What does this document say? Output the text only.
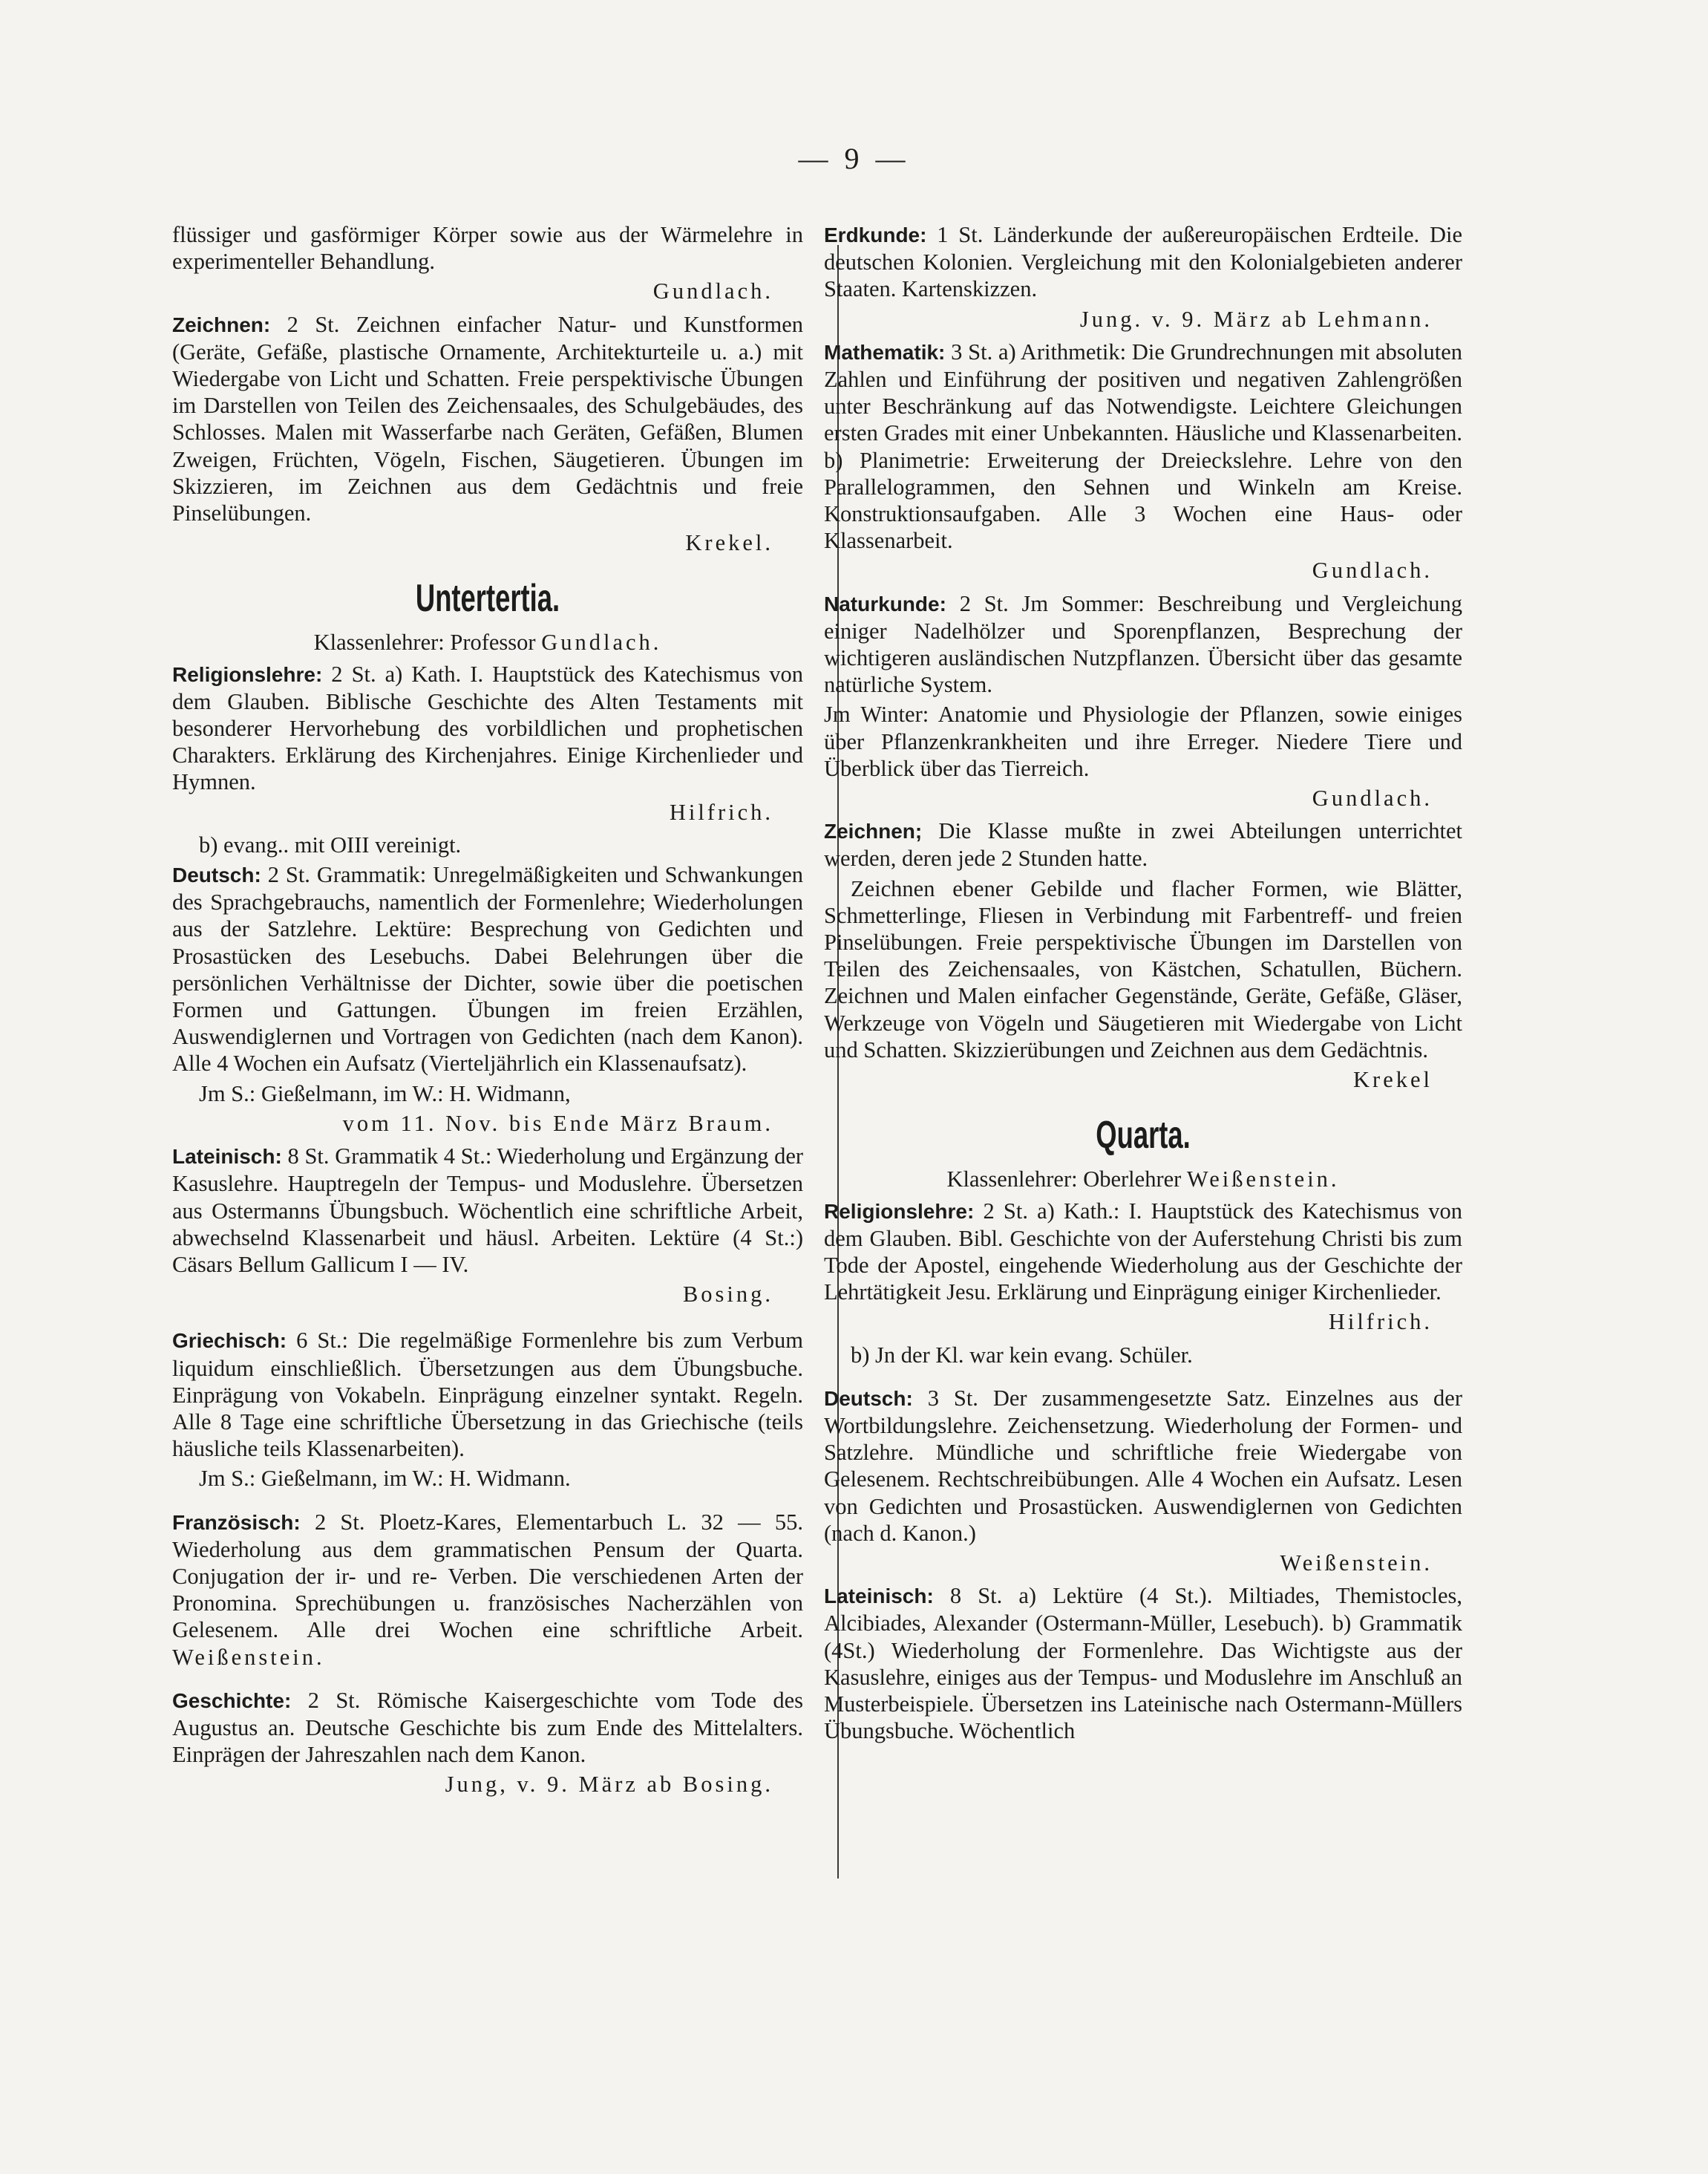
— 9 —

flüssiger und gasförmiger Körper sowie aus der Wärmelehre in experimenteller Behandlung.

Gundlach.

Zeichnen: 2 St. Zeichnen einfacher Natur- und Kunstformen (Geräte, Gefäße, plastische Ornamente, Architekturteile u. a.) mit Wiedergabe von Licht und Schatten. Freie perspektivische Übungen im Darstellen von Teilen des Zeichensaales, des Schulgebäudes, des Schlosses. Malen mit Wasserfarbe nach Geräten, Gefäßen, Blumen Zweigen, Früchten, Vögeln, Fischen, Säugetieren. Übungen im Skizzieren, im Zeichnen aus dem Gedächtnis und freie Pinselübungen.

Krekel.

Untertertia.

Klassenlehrer: Professor Gundlach.

Religionslehre: 2 St. a) Kath. I. Hauptstück des Katechismus von dem Glauben. Biblische Geschichte des Alten Testaments mit besonderer Hervorhebung des vorbildlichen und prophetischen Charakters. Erklärung des Kirchenjahres. Einige Kirchenlieder und Hymnen.

Hilfrich.

b) evang.. mit OIII vereinigt.

Deutsch: 2 St. Grammatik: Unregelmäßigkeiten und Schwankungen des Sprachgebrauchs, namentlich der Formenlehre; Wiederholungen aus der Satzlehre. Lektüre: Besprechung von Gedichten und Prosastücken des Lesebuchs. Dabei Belehrungen über die persönlichen Verhältnisse der Dichter, sowie über die poetischen Formen und Gattungen. Übungen im freien Erzählen, Auswendiglernen und Vortragen von Gedichten (nach dem Kanon). Alle 4 Wochen ein Aufsatz (Vierteljährlich ein Klassenaufsatz).

Jm S.: Gießelmann, im W.: H. Widmann,

vom 11. Nov. bis Ende März Braum.

Lateinisch: 8 St. Grammatik 4 St.: Wiederholung und Ergänzung der Kasuslehre. Hauptregeln der Tempus- und Moduslehre. Übersetzen aus Ostermanns Übungsbuch. Wöchentlich eine schriftliche Arbeit, abwechselnd Klassenarbeit und häusl. Arbeiten. Lektüre (4 St.:) Cäsars Bellum Gallicum I — IV.

Bosing.

Griechisch: 6 St.: Die regelmäßige Formenlehre bis zum Verbum liquidum einschließlich. Übersetzungen aus dem Übungsbuche. Einprägung von Vokabeln. Einprägung einzelner syntakt. Regeln. Alle 8 Tage eine schriftliche Übersetzung in das Griechische (teils häusliche teils Klassenarbeiten).

Jm S.: Gießelmann, im W.: H. Widmann.

Französisch: 2 St. Ploetz-Kares, Elementarbuch L. 32 — 55. Wiederholung aus dem grammatischen Pensum der Quarta. Conjugation der ir- und re- Verben. Die verschiedenen Arten der Pronomina. Sprechübungen u. französisches Nacherzählen von Gelesenem. Alle drei Wochen eine schriftliche Arbeit. Weißenstein.

Geschichte: 2 St. Römische Kaisergeschichte vom Tode des Augustus an. Deutsche Geschichte bis zum Ende des Mittelalters. Einprägen der Jahreszahlen nach dem Kanon.

Jung, v. 9. März ab Bosing.

Erdkunde: 1 St. Länderkunde der außereuropäischen Erdteile. Die deutschen Kolonien. Vergleichung mit den Kolonialgebieten anderer Staaten. Kartenskizzen.

Jung. v. 9. März ab Lehmann.

Mathematik: 3 St. a) Arithmetik: Die Grundrechnungen mit absoluten Zahlen und Einführung der positiven und negativen Zahlengrößen unter Beschränkung auf das Notwendigste. Leichtere Gleichungen ersten Grades mit einer Unbekannten. Häusliche und Klassenarbeiten. b) Planimetrie: Erweiterung der Dreieckslehre. Lehre von den Parallelogrammen, den Sehnen und Winkeln am Kreise. Konstruktionsaufgaben. Alle 3 Wochen eine Haus- oder Klassenarbeit.

Gundlach.

Naturkunde: 2 St. Jm Sommer: Beschreibung und Vergleichung einiger Nadelhölzer und Sporenpflanzen, Besprechung der wichtigeren ausländischen Nutzpflanzen. Übersicht über das gesamte natürliche System.

Jm Winter: Anatomie und Physiologie der Pflanzen, sowie einiges über Pflanzenkrankheiten und ihre Erreger. Niedere Tiere und Überblick über das Tierreich.

Gundlach.

Zeichnen; Die Klasse mußte in zwei Abteilungen unterrichtet werden, deren jede 2 Stunden hatte.

Zeichnen ebener Gebilde und flacher Formen, wie Blätter, Schmetterlinge, Fliesen in Verbindung mit Farbentreff- und freien Pinselübungen. Freie perspektivische Übungen im Darstellen von Teilen des Zeichensaales, von Kästchen, Schatullen, Büchern. Zeichnen und Malen einfacher Gegenstände, Geräte, Gefäße, Gläser, Werkzeuge von Vögeln und Säugetieren mit Wiedergabe von Licht und Schatten. Skizzierübungen und Zeichnen aus dem Gedächtnis.

Krekel

Quarta.

Klassenlehrer: Oberlehrer Weißenstein.

Religionslehre: 2 St. a) Kath.: I. Hauptstück des Katechismus von dem Glauben. Bibl. Geschichte von der Auferstehung Christi bis zum Tode der Apostel, eingehende Wiederholung aus der Geschichte der Lehrtätigkeit Jesu. Erklärung und Einprägung einiger Kirchenlieder.

Hilfrich.

b) Jn der Kl. war kein evang. Schüler.

Deutsch: 3 St. Der zusammengesetzte Satz. Einzelnes aus der Wortbildungslehre. Zeichensetzung. Wiederholung der Formen- und Satzlehre. Mündliche und schriftliche freie Wiedergabe von Gelesenem. Rechtschreibübungen. Alle 4 Wochen ein Aufsatz. Lesen von Gedichten und Prosastücken. Auswendiglernen von Gedichten (nach d. Kanon.)

Weißenstein.

Lateinisch: 8 St. a) Lektüre (4 St.). Miltiades, Themistocles, Alcibiades, Alexander (Ostermann-Müller, Lesebuch). b) Grammatik (4St.) Wiederholung der Formenlehre. Das Wichtigste aus der Kasuslehre, einiges aus der Tempus- und Moduslehre im Anschluß an Musterbeispiele. Übersetzen ins Lateinische nach Ostermann-Müllers Übungsbuche. Wöchentlich
